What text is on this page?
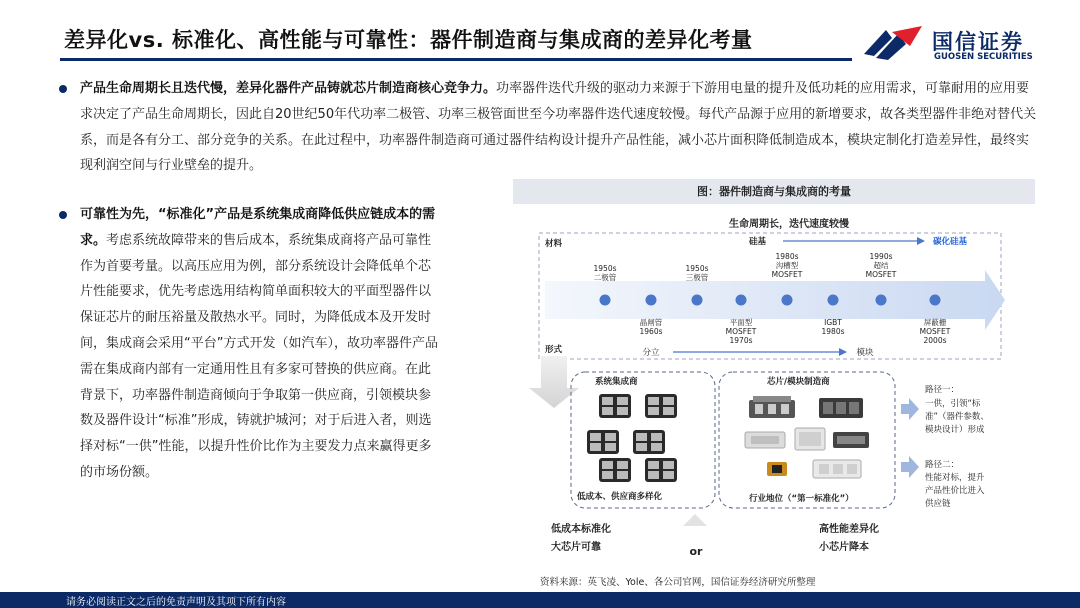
差异化vs. 标准化、高性能与可靠性：器件制造商与集成商的差异化考量	国信证券
GUOSEN SECURITIES
产品生命周期长且迭代慢，差异化器件产品铸就芯片制造商核心竞争力。功率器件迭代升级的驱动力来源于下游用电量的提升及低功耗的应用需求，可靠耐用的应用要求决定了产品生命周期长，因此自20世纪50年代功率二极管、功率三极管面世至今功率器件迭代速度较慢。每代产品源于应用的新增要求，故各类型器件非绝对替代关系，而是各有分工、部分竞争的关系。在此过程中，功率器件制造商可通过器件结构设计提升产品性能，减小芯片面积降低制造成本，模块定制化打造差异性，最终实现利润空间与行业壁垒的提升。
可靠性为先，“标准化”产品是系统集成商降低供应链成本的需求。考虑系统故障带来的售后成本，系统集成商将产品可靠性作为首要考量。以高压应用为例，部分系统设计会降低单个芯片性能要求，优先考虑选用结构简单面积较大的平面型器件以保证芯片的耐压裕量及散热水平。同时，为降低成本及开发时间，集成商会采用“平台”方式开发（如汽车），故功率器件产品需在集成商内部有一定通用性且有多家可替换的供应商。在此背景下，功率器件制造商倾向于争取第一供应商，引领模块参数及器件设计“标准”形成，铸就护城河；对于后进入者，则选择对标“一供”性能，以提升性价比作为主要发力点来赢得更多的市场份额。
图：器件制造商与集成商的考量
生命周期长，迭代速度较慢
材料
形式
硅基	碳化硅基
1950s
二极管
1950s
三极管
1980s
沟槽型
MOSFET
1990s
超结
MOSFET
晶闸管
1960s
平面型
MOSFET
1970s
IGBT
1980s
屏蔽栅
MOSFET
2000s
分立	模块
系统集成商
低成本、供应商多样化
芯片/模块制造商
行业地位（“第一标准化”）
路径一：
一供，引领“标
准”（器件参数、
模块设计）形成
路径二：
性能对标，提升
产品性价比进入
供应链
低成本标准化
大芯片可靠	or
高性能差异化
小芯片降本
资料来源：英飞凌、Yole、各公司官网，国信证券经济研究所整理
请务必阅读正文之后的免责声明及其项下所有内容
